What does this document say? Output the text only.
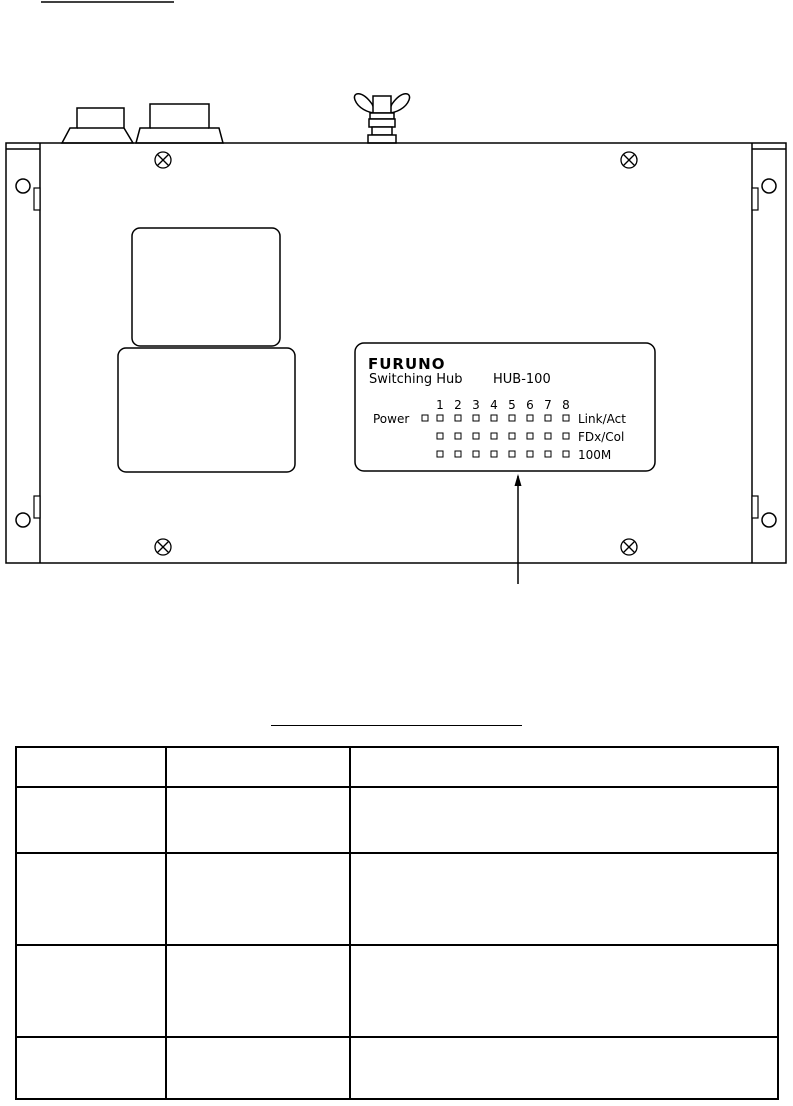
FURUNO
Switching Hub HUB-100
1 2 3 4 5 6 7 8
Power	Link/Act
FDx/Col
100M
